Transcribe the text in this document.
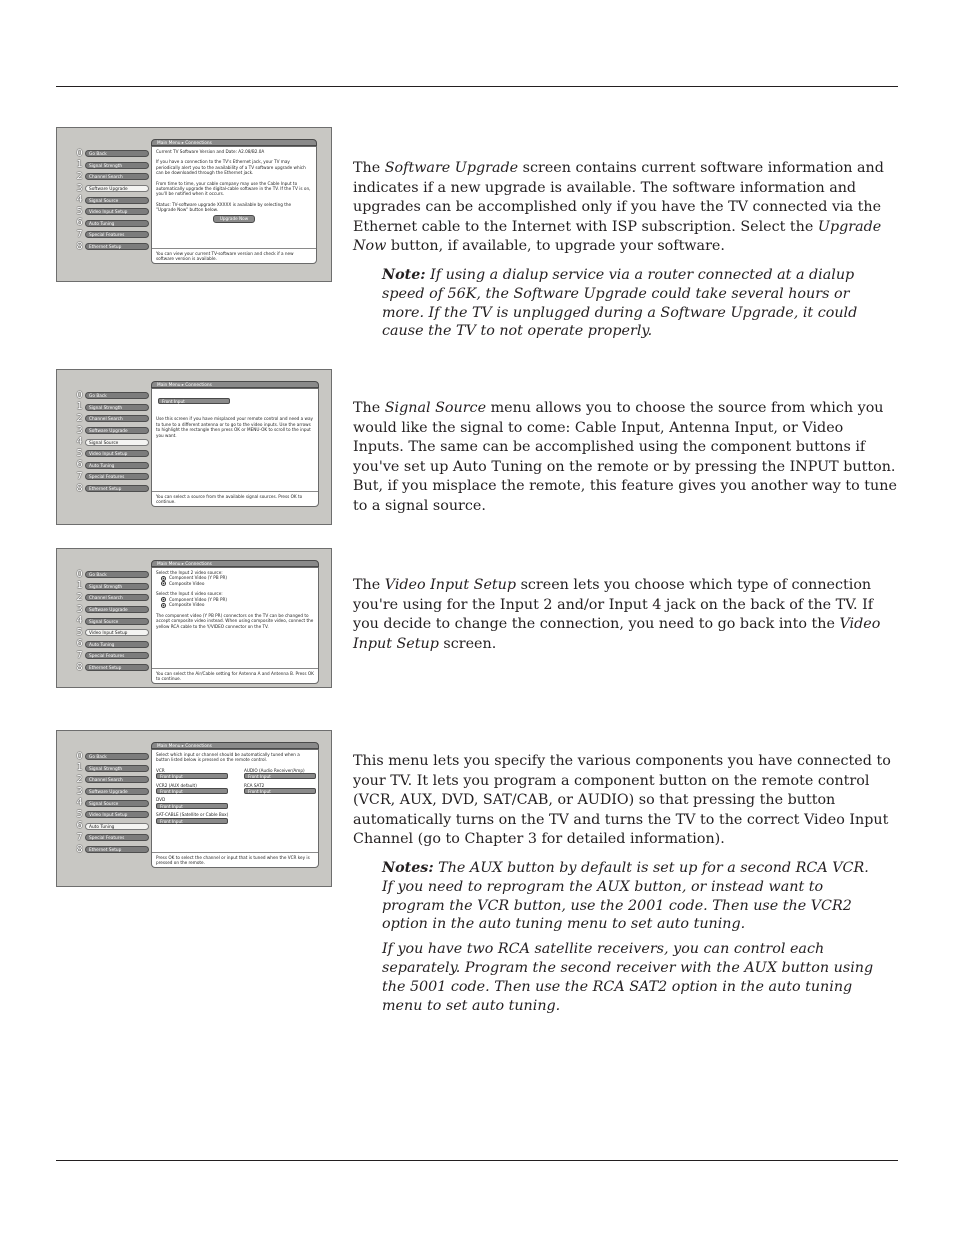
0	Go Back
1	Signal Strength
2	Channel Search
3	Software Upgrade
4	Signal Source
5	Video Input Setup
6	Auto Tuning
7	Special Features
8	Ethernet Setup
Main Menu ▸ Connections
Current TV Software Version and Date: A2.08/B2.0A
If you have a connection to the TV's Ethernet jack, your TV may periodically alert you to the availability of a TV software upgrade which can be downloaded through the Ethernet jack.
From time to time, your cable company may use the Cable Input to automatically upgrade the digital-cable software in the TV. If the TV is on, you'll be notified when it occurs.
Status: TV-software upgrade XXXXX is available by selecting the "Upgrade Now" button below.
Upgrade Now
You can view your current TV-software version and check if a new software version is available.
0	Go Back
1	Signal Strength
2	Channel Search
3	Software Upgrade
4	Signal Source
5	Video Input Setup
6	Auto Tuning
7	Special Features
8	Ethernet Setup
Main Menu ▸ Connections
Front Input
Use this screen if you have misplaced your remote control and need a way to tune to a different antenna or to go to the video inputs. Use the arrows to highlight the rectangle then press OK or MENU-OK to scroll to the input you want.
You can select a source from the available signal sources. Press OK to continue.
0	Go Back
1	Signal Strength
2	Channel Search
3	Software Upgrade
4	Signal Source
5	Video Input Setup
6	Auto Tuning
7	Special Features
8	Ethernet Setup
Main Menu ▸ Connections
Select the Input 2 video source:
Component Video (Y PB PR)
Composite Video
Select the Input 4 video source:
Component Video (Y PB PR)
Composite Video
The component video (Y PB PR) connectors on the TV can be changed to accept composite video instead. When using composite video, connect the yellow RCA cable to the Y/VIDEO connector on the TV.
You can select the Air/Cable setting for Antenna A and Antenna B. Press OK to continue.
0	Go Back
1	Signal Strength
2	Channel Search
3	Software Upgrade
4	Signal Source
5	Video Input Setup
6	Auto Tuning
7	Special Features
8	Ethernet Setup
Main Menu ▸ Connections
Select which input or channel should be automatically tuned when a button listed below is pressed on the remote control.
VCR
Front Input
VCR2 (AUX default)
Front Input
DVD
Front Input
SAT-CABLE (Satellite or Cable Box)
Front Input
AUDIO (Audio Receiver/Amp)
Front Input
RCA SAT2
Front Input
Press OK to select the channel or input that is tuned when the VCR key is pressed on the remote.

The Software Upgrade screen contains current software information and indicates if a new upgrade is available. The software information and upgrades can be accomplished only if you have the TV connected via the Ethernet cable to the Internet with ISP subscription. Select the Upgrade Now button, if available, to upgrade your software.

Note: If using a dialup service via a router connected at a dialup speed of 56K, the Software Upgrade could take several hours or more. If the TV is unplugged during a Software Upgrade, it could cause the TV to not operate properly.

The Signal Source menu allows you to choose the source from which you would like the signal to come: Cable Input, Antenna Input, or Video Inputs. The same can be accomplished using the component buttons if you've set up Auto Tuning on the remote or by pressing the INPUT button. But, if you misplace the remote, this feature gives you another way to tune to a signal source.

The Video Input Setup screen lets you choose which type of connection you're using for the Input 2 and/or Input 4 jack on the back of the TV. If you decide to change the connection, you need to go back into the Video Input Setup screen.

This menu lets you specify the various components you have connected to your TV. It lets you program a component button on the remote control (VCR, AUX, DVD, SAT/CAB, or AUDIO) so that pressing the button automatically turns on the TV and turns the TV to the correct Video Input Channel (go to Chapter 3 for detailed information).

Notes: The AUX button by default is set up for a second RCA VCR. If you need to reprogram the AUX button, or instead want to program the VCR button, use the 2001 code. Then use the VCR2 option in the auto tuning menu to set auto tuning.

If you have two RCA satellite receivers, you can control each separately. Program the second receiver with the AUX button using the 5001 code. Then use the RCA SAT2 option in the auto tuning menu to set auto tuning.
